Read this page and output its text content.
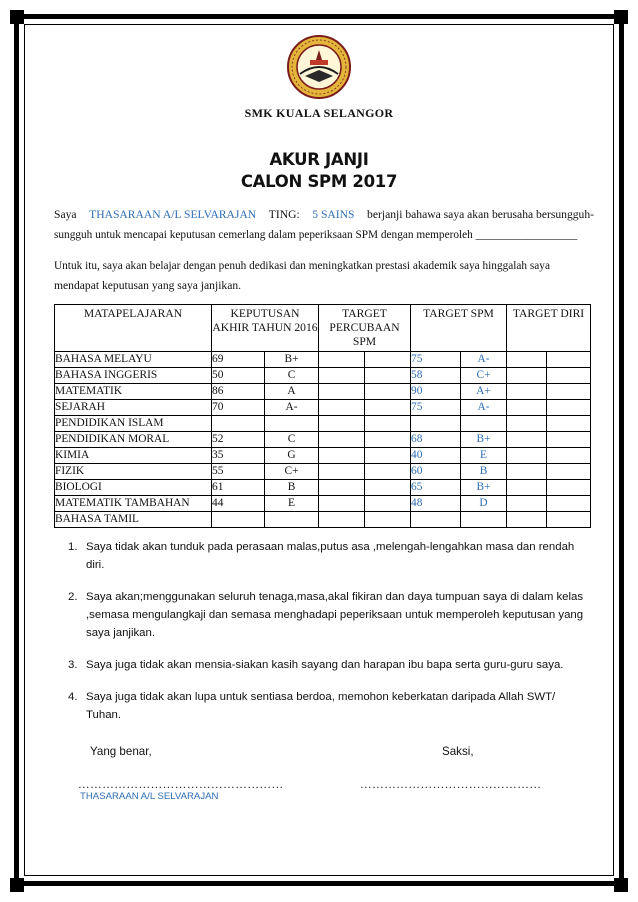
SMK KUALA SELANGOR
AKUR JANJI
CALON SPM 2017
Saya THASARAAN A/L SELVARAJAN TING: 5 SAINS berjanji bahawa saya akan berusaha bersungguh-
sungguh untuk mencapai keputusan cemerlang dalam peperiksaan SPM dengan memperoleh __________________
Untuk itu, saya akan belajar dengan penuh dedikasi dan meningkatkan prestasi akademik saya hinggalah saya
mendapat keputusan yang saya janjikan.
MATAPELAJARAN	KEPUTUSAN AKHIR TAHUN 2016		TARGET PERCUBAAN SPM		TARGET SPM		TARGET DIRI	
BAHASA MELAYU	69	B+			75	A-		
BAHASA INGGERIS	50	C			58	C+		
MATEMATIK	86	A			90	A+		
SEJARAH	70	A-			75	A-		
PENDIDIKAN ISLAM								
PENDIDIKAN MORAL	52	C			68	B+		
KIMIA	35	G			40	E		
FIZIK	55	C+			60	B		
BIOLOGI	61	B			65	B+		
MATEMATIK TAMBAHAN	44	E			48	D		
BAHASA TAMIL								
1. Saya tidak akan tunduk pada perasaan malas,putus asa ,melengah-lengahkan masa dan rendah
diri.
2. Saya akan;menggunakan seluruh tenaga,masa,akal fikiran dan daya tumpuan saya di dalam kelas
,semasa mengulangkaji dan semasa menghadapi peperiksaan untuk memperoleh keputusan yang
saya janjikan.
3. Saya juga tidak akan mensia-siakan kasih sayang dan harapan ibu bapa serta guru-guru saya.
4. Saya juga tidak akan lupa untuk sentiasa berdoa, memohon keberkatan daripada Allah SWT/
Tuhan.
Yang benar,	Saksi,
……………………………………………	………………………………………
THASARAAN A/L SELVARAJAN
